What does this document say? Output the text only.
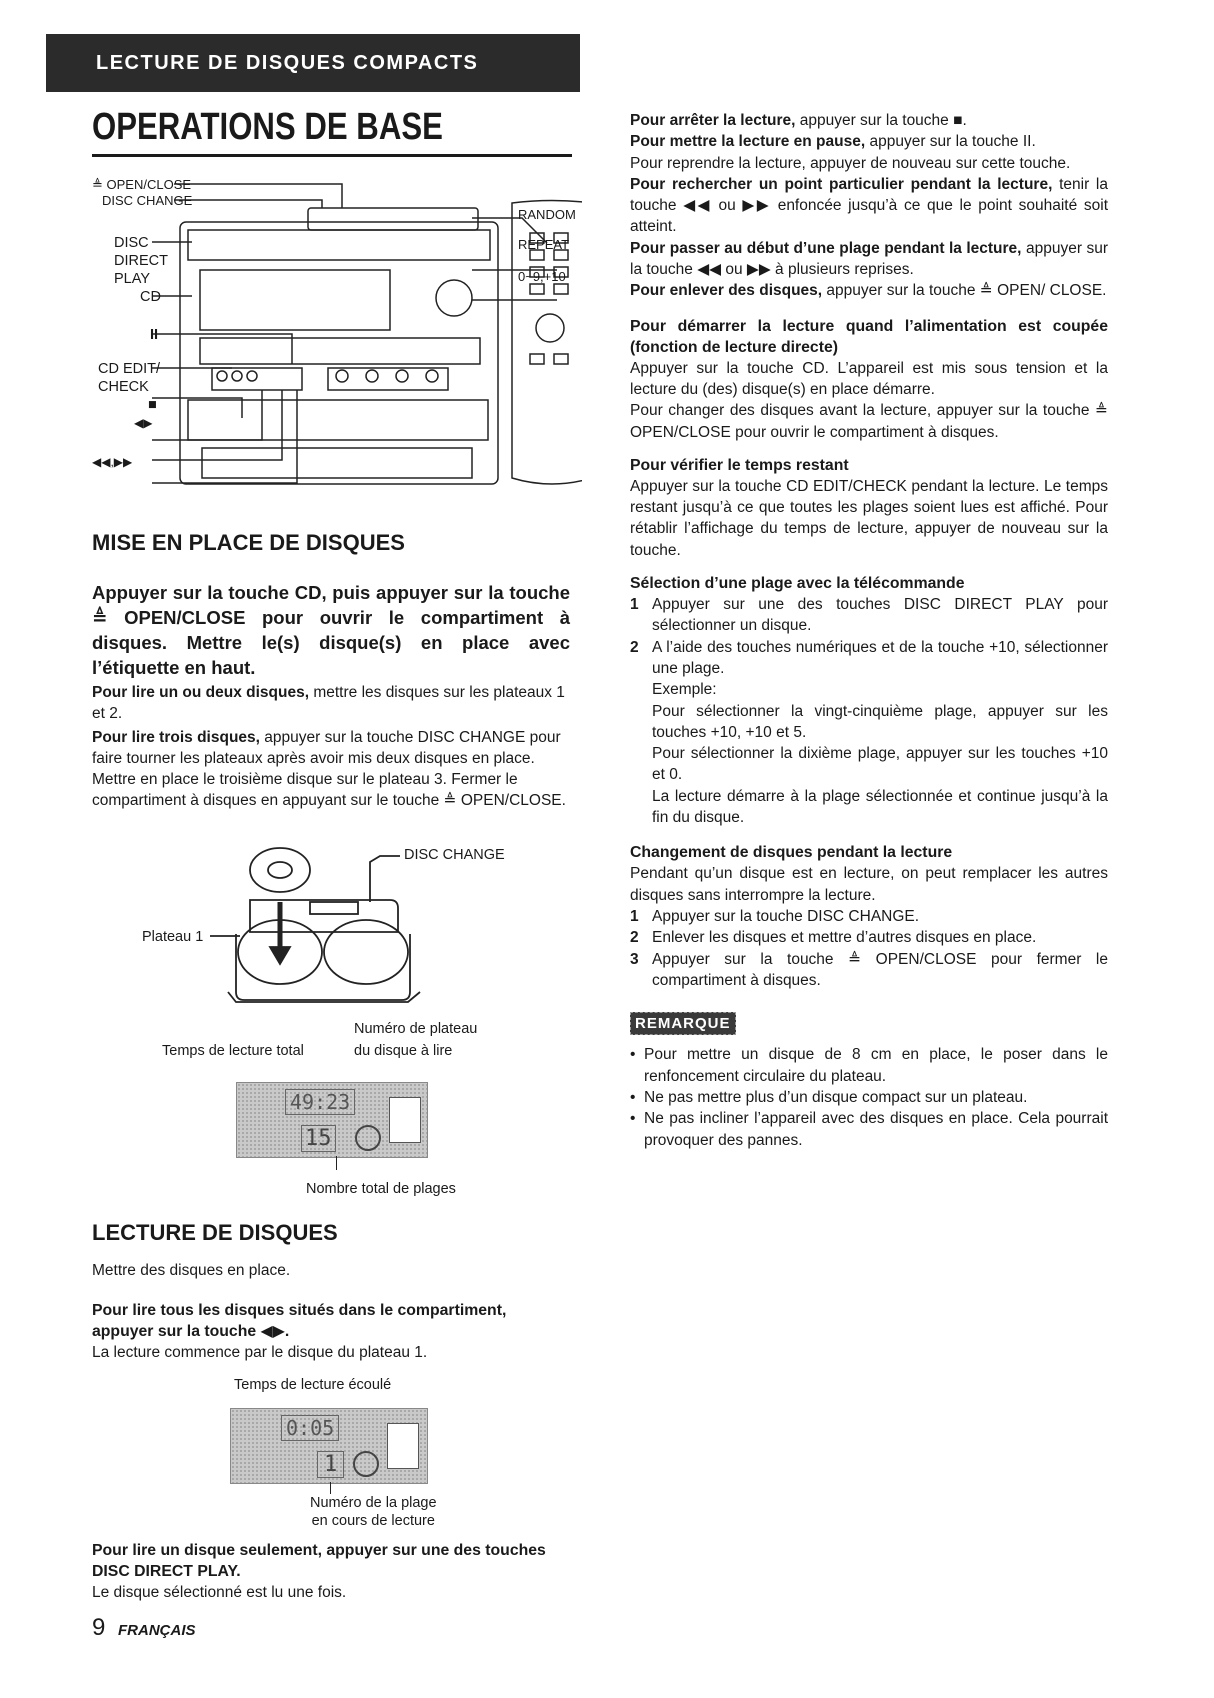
LECTURE DE DISQUES COMPACTS
OPERATIONS DE BASE
≜ OPEN/CLOSE
DISC CHANGE
DISC
DIRECT
PLAY
CD
II
CD EDIT/
CHECK
■
◀▶
◀◀,▶▶
RANDOM
REPEAT
0~9,+10
MISE EN PLACE DE DISQUES
Appuyer sur la touche CD, puis appuyer sur la touche ≜ OPEN/CLOSE pour ouvrir le compartiment à disques. Mettre le(s) disque(s) en place avec l’étiquette en haut.

Pour lire un ou deux disques, mettre les disques sur les plateaux 1 et 2.

Pour lire trois disques, appuyer sur la touche DISC CHANGE pour faire tourner les plateaux après avoir mis deux disques en place. Mettre en place le troisième disque sur le plateau 3. Fermer le compartiment à disques en appuyant sur le touche ≜ OPEN/CLOSE.

DISC CHANGE
Plateau 1
Numéro de plateau
Temps de lecture total	du disque à lire
49:23
15
Nombre total de plages
LECTURE DE DISQUES
Mettre des disques en place.
Pour lire tous les disques situés dans le compartiment, appuyer sur la touche ◀▶.
La lecture commence par le disque du plateau 1.
Temps de lecture écoulé
0:05
1
Numéro de la plage
en cours de lecture
Pour lire un disque seulement, appuyer sur une des touches DISC DIRECT PLAY.
Le disque sélectionné est lu une fois.
9 FRANÇAIS

Pour arrêter la lecture, appuyer sur la touche ■.

Pour mettre la lecture en pause, appuyer sur la touche II.

Pour reprendre la lecture, appuyer de nouveau sur cette touche.

Pour rechercher un point particulier pendant la lecture, tenir la touche ◀◀ ou ▶▶ enfoncée jusqu’à ce que le point souhaité soit atteint.

Pour passer au début d’une plage pendant la lecture, appuyer sur la touche ◀◀ ou ▶▶ à plusieurs reprises.

Pour enlever des disques, appuyer sur la touche ≜ OPEN/ CLOSE.

Pour démarrer la lecture quand l’alimentation est coupée (fonction de lecture directe)

Appuyer sur la touche CD. L’appareil est mis sous tension et la lecture du (des) disque(s) en place démarre.

Pour changer des disques avant la lecture, appuyer sur la touche ≜ OPEN/CLOSE pour ouvrir le compartiment à disques.

Pour vérifier le temps restant

Appuyer sur la touche CD EDIT/CHECK pendant la lecture. Le temps restant jusqu’à ce que toutes les plages soient lues est affiché. Pour rétablir l’affichage du temps de lecture, appuyer de nouveau sur la touche.

Sélection d’une plage avec la télécommande
1 Appuyer sur une des touches DISC DIRECT PLAY pour sélectionner un disque.
2 A l’aide des touches numériques et de la touche +10, sélectionner une plage.

Exemple:

Pour sélectionner la vingt-cinquième plage, appuyer sur les touches +10, +10 et 5.

Pour sélectionner la dixième plage, appuyer sur les touches +10 et 0.

La lecture démarre à la plage sélectionnée et continue jusqu’à la fin du disque.

Changement de disques pendant la lecture

Pendant qu’un disque est en lecture, on peut remplacer les autres disques sans interrompre la lecture.

1 Appuyer sur la touche DISC CHANGE.
2 Enlever les disques et mettre d’autres disques en place.
3 Appuyer sur la touche ≜ OPEN/CLOSE pour fermer le compartiment à disques.
REMARQUE
• Pour mettre un disque de 8 cm en place, le poser dans le renfoncement circulaire du plateau.
• Ne pas mettre plus d’un disque compact sur un plateau.
• Ne pas incliner l’appareil avec des disques en place. Cela pourrait provoquer des pannes.
